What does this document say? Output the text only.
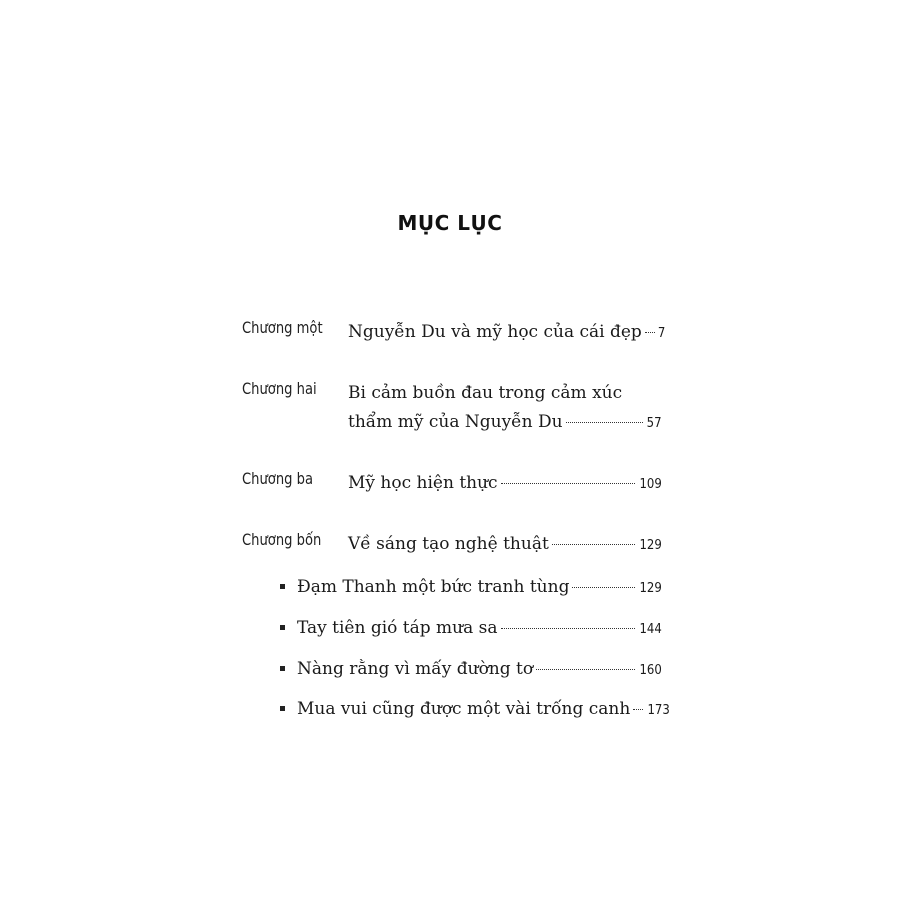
MỤC LỤC
Chương một Nguyễn Du và mỹ học của cái đẹp 7
Chương hai Bi cảm buồn đau trong cảm xúc
thẩm mỹ của Nguyễn Du	57
Chương ba Mỹ học hiện thực	109
Chương bốn Về sáng tạo nghệ thuật	129
Đạm Thanh một bức tranh tùng	129
Tay tiên gió táp mưa sa	144
Nàng rằng vì mấy đường tơ	160
Mua vui cũng được một vài trống canh 173
